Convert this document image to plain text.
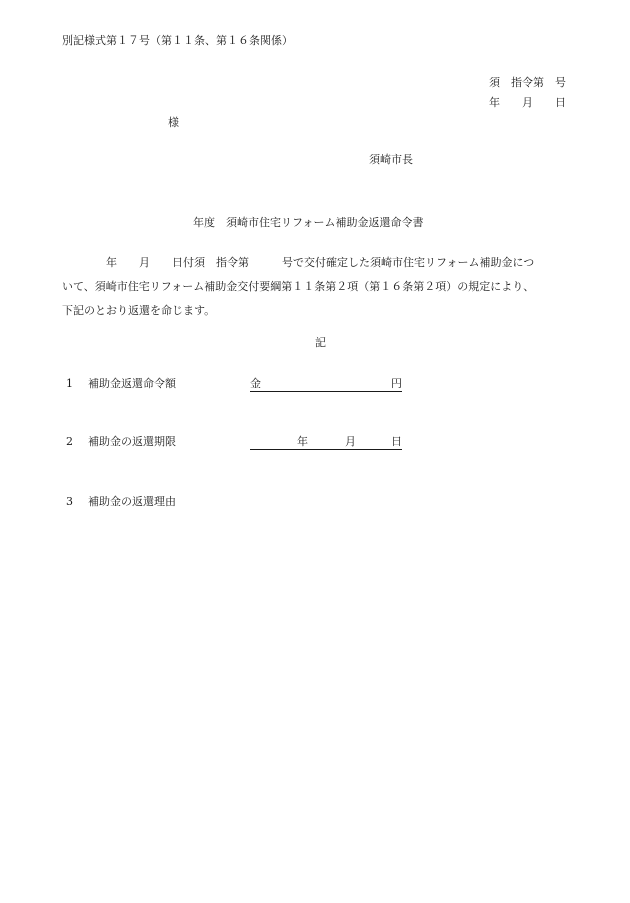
別記様式第１７号（第１１条、第１６条関係）
須　指令第　号
年　　月　　日
様
須崎市長
年度　須崎市住宅リフォーム補助金返還命令書
　　　　年　　月　　日付須　指令第　　　号で交付確定した須崎市住宅リフォーム補助金につ
いて、須崎市住宅リフォーム補助金交付要綱第１１条第２項（第１６条第２項）の規定により、
下記のとおり返還を命じます。
記
1 補助金返還命令額	金	円
2 補助金の返還期限	年	月	日
3 補助金の返還理由
